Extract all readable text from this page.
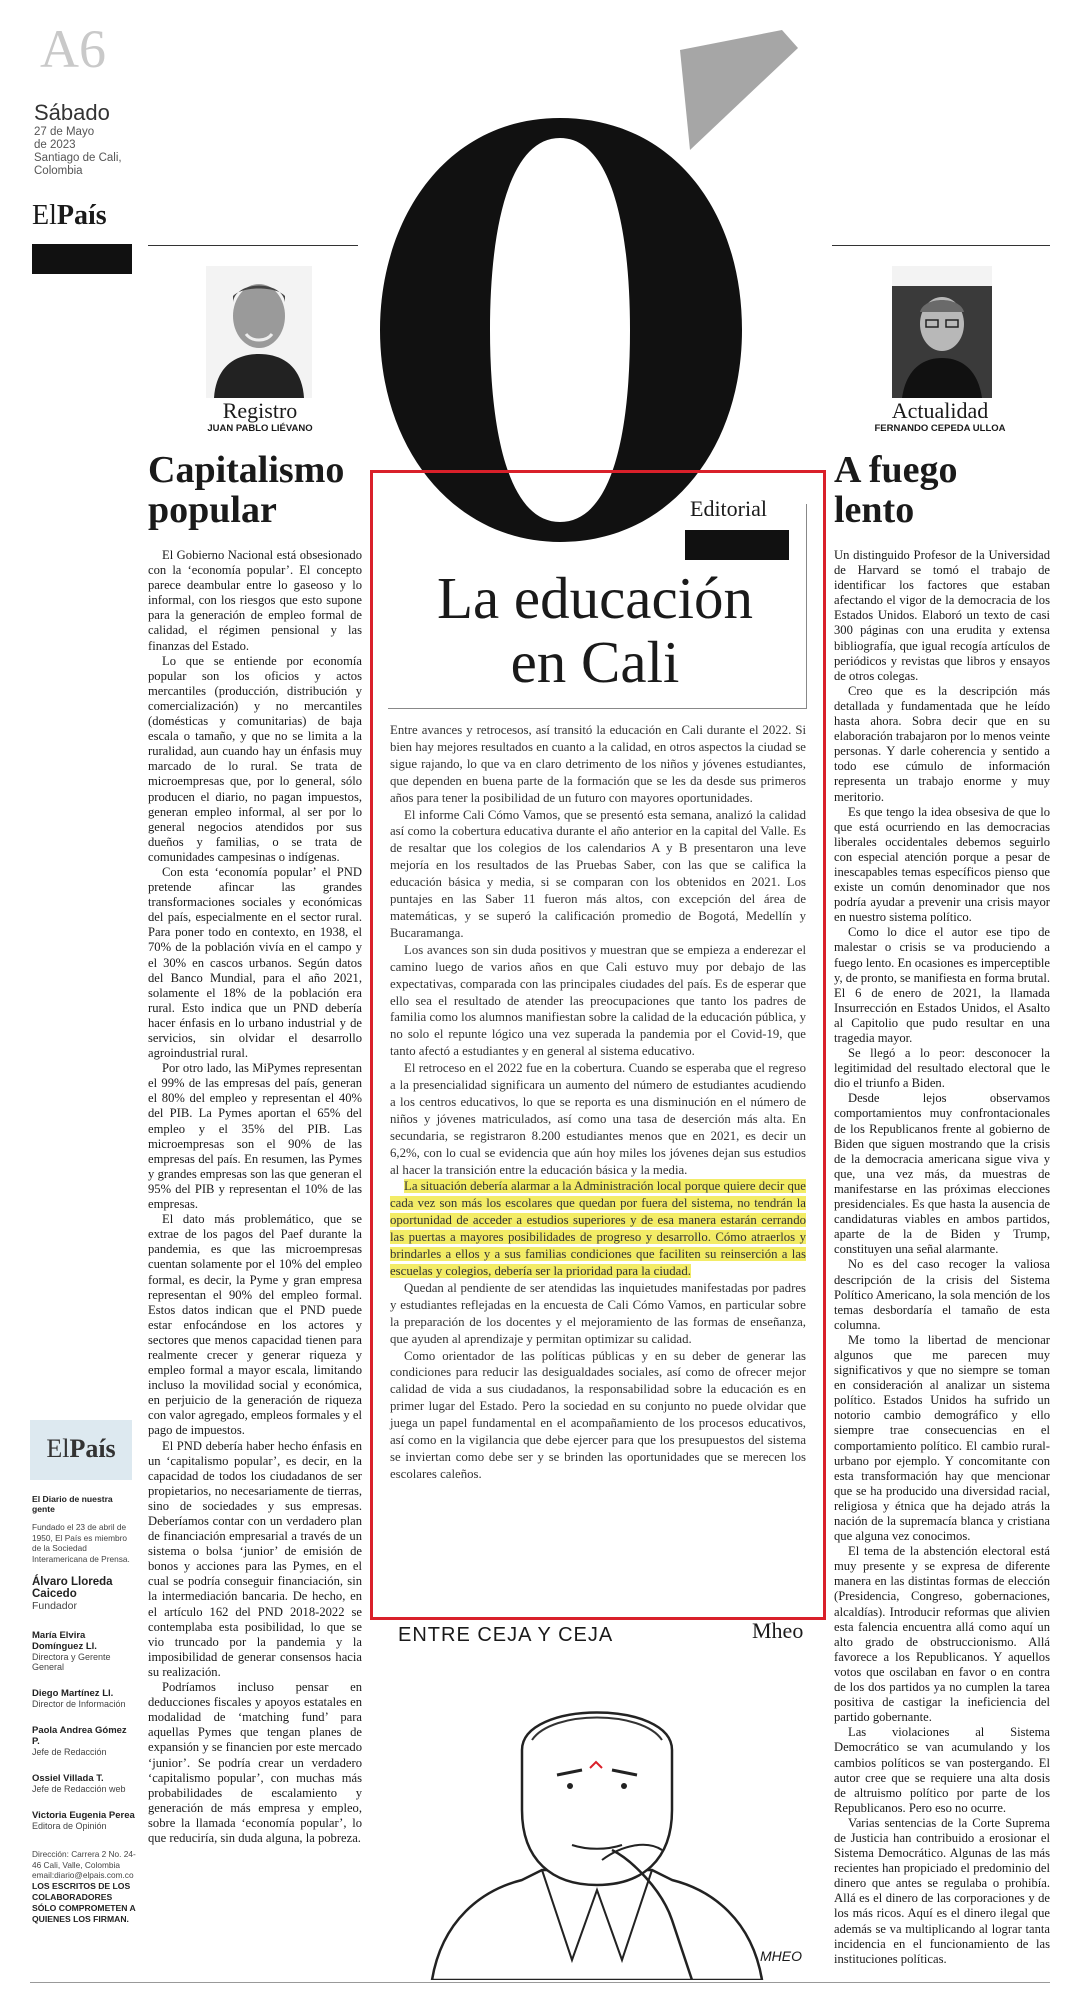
A6
Sábado
27 de Mayo
de 2023
Santiago de Cali,
Colombia
ElPaís
Registro
JUAN PABLO LIÉVANO
Capitalismo
popular

El Gobierno Nacional está obsesionado con la ‘economía popular’. El concepto parece deambular entre lo gaseoso y lo informal, con los riesgos que esto supone para la generación de empleo formal de calidad, el régimen pensional y las finanzas del Estado.

Lo que se entiende por economía popular son los oficios y actos mercantiles (producción, distribución y comercialización) y no mercantiles (domésticas y comunitarias) de baja escala o tamaño, y que no se limita a la ruralidad, aun cuando hay un énfasis muy marcado de lo rural. Se trata de microempresas que, por lo general, sólo producen el diario, no pagan impuestos, generan empleo informal, al ser por lo general negocios atendidos por sus dueños y familias, o se trata de comunidades campesinas o indígenas.

Con esta ‘economía popular’ el PND pretende afincar las grandes transformaciones sociales y económicas del país, especialmente en el sector rural. Para poner todo en contexto, en 1938, el 70% de la población vivía en el campo y el 30% en cascos urbanos. Según datos del Banco Mundial, para el año 2021, solamente el 18% de la población era rural. Esto indica que un PND debería hacer énfasis en lo urbano industrial y de servicios, sin olvidar el desarrollo agroindustrial rural.

Por otro lado, las MiPymes representan el 99% de las empresas del país, generan el 80% del empleo y representan el 40% del PIB. La Pymes aportan el 65% del empleo y el 35% del PIB. Las microempresas son el 90% de las empresas del país. En resumen, las Pymes y grandes empresas son las que generan el 95% del PIB y representan el 10% de las empresas.

El dato más problemático, que se extrae de los pagos del Paef durante la pandemia, es que las microempresas cuentan solamente por el 10% del empleo formal, es decir, la Pyme y gran empresa representan el 90% del empleo formal. Estos datos indican que el PND puede estar enfocándose en los actores y sectores que menos capacidad tienen para realmente crecer y generar riqueza y empleo formal a mayor escala, limitando incluso la movilidad social y económica, en perjuicio de la generación de riqueza con valor agregado, empleos formales y el pago de impuestos.

El PND debería haber hecho énfasis en un ‘capitalismo popular’, es decir, en la capacidad de todos los ciudadanos de ser propietarios, no necesariamente de tierras, sino de sociedades y sus empresas. Deberíamos contar con un verdadero plan de financiación empresarial a través de un sistema o bolsa ‘junior’ de emisión de bonos y acciones para las Pymes, en el cual se podría conseguir financiación, sin la intermediación bancaria. De hecho, en el artículo 162 del PND 2018-2022 se contemplaba esta posibilidad, lo que se vio truncado por la pandemia y la imposibilidad de generar consensos hacia su realización.

Podríamos incluso pensar en deducciones fiscales y apoyos estatales en modalidad de ‘matching fund’ para aquellas Pymes que tengan planes de expansión y se financien por este mercado ‘junior’. Se podría crear un verdadero ‘capitalismo popular’, con muchas más probabilidades de escalamiento y generación de más empresa y empleo, sobre la llamada ‘economía popular’, lo que reduciría, sin duda alguna, la pobreza.

ElPaís
El Diario de nuestra gente
Fundado el 23 de abril de 1950, El País es miembro de la Sociedad Interamericana de Prensa.
Álvaro Lloreda Caicedo
Fundador
María Elvira Domínguez Ll.
Directora y Gerente General
Diego Martínez Ll.
Director de Información
Paola Andrea Gómez P.
Jefe de Redacción
Ossiel Villada T.
Jefe de Redacción web
Victoria Eugenia Perea
Editora de Opinión
Dirección: Carrera 2 No. 24-46 Cali, Valle, Colombia
email:diario@elpais.com.co
LOS ESCRITOS DE LOS COLABORADORES SÓLO COMPROMETEN A QUIENES LOS FIRMAN.
Editorial
La educación
en Cali

Entre avances y retrocesos, así transitó la educación en Cali durante el 2022. Si bien hay mejores resultados en cuanto a la calidad, en otros aspectos la ciudad se sigue rajando, lo que va en claro detrimento de los niños y jóvenes estudiantes, que dependen en buena parte de la formación que se les da desde sus primeros años para tener la posibilidad de un futuro con mayores oportunidades.

El informe Cali Cómo Vamos, que se presentó esta semana, analizó la calidad así como la cobertura educativa durante el año anterior en la capital del Valle. Es de resaltar que los colegios de los calendarios A y B presentaron una leve mejoría en los resultados de las Pruebas Saber, con las que se califica la educación básica y media, si se comparan con los obtenidos en 2021. Los puntajes en las Saber 11 fueron más altos, con excepción del área de matemáticas, y se superó la calificación promedio de Bogotá, Medellín y Bucaramanga.

Los avances son sin duda positivos y muestran que se empieza a enderezar el camino luego de varios años en que Cali estuvo muy por debajo de las expectativas, comparada con las principales ciudades del país. Es de esperar que ello sea el resultado de atender las preocupaciones que tanto los padres de familia como los alumnos manifiestan sobre la calidad de la educación pública, y no solo el repunte lógico una vez superada la pandemia por el Covid-19, que tanto afectó a estudiantes y en general al sistema educativo.

El retroceso en el 2022 fue en la cobertura. Cuando se esperaba que el regreso a la presencialidad significara un aumento del número de estudiantes acudiendo a los centros educativos, lo que se reporta es una disminución en el número de niños y jóvenes matriculados, así como una tasa de deserción más alta. En secundaria, se registraron 8.200 estudiantes menos que en 2021, es decir un 6,2%, con lo cual se evidencia que aún hoy miles los jóvenes dejan sus estudios al hacer la transición entre la educación básica y la media.

La situación debería alarmar a la Administración local porque quiere decir que cada vez son más los escolares que quedan por fuera del sistema, no tendrán la oportunidad de acceder a estudios superiores y de esa manera estarán cerrando las puertas a mayores posibilidades de progreso y desarrollo. Cómo atraerlos y brindarles a ellos y a sus familias condiciones que faciliten su reinserción a las escuelas y colegios, debería ser la prioridad para la ciudad.

Quedan al pendiente de ser atendidas las inquietudes manifestadas por padres y estudiantes reflejadas en la encuesta de Cali Cómo Vamos, en particular sobre la preparación de los docentes y el mejoramiento de las formas de enseñanza, que ayuden al aprendizaje y permitan optimizar su calidad.

Como orientador de las políticas públicas y en su deber de generar las condiciones para reducir las desigualdades sociales, así como de ofrecer mejor calidad de vida a sus ciudadanos, la responsabilidad sobre la educación es en primer lugar del Estado. Pero la sociedad en su conjunto no puede olvidar que juega un papel fundamental en el acompañamiento de los procesos educativos, así como en la vigilancia que debe ejercer para que los presupuestos del sistema se inviertan como debe ser y se brinden las oportunidades que se merecen los escolares caleños.

ENTRE CEJA Y CEJA	Mheo
MHEO
Actualidad
FERNANDO CEPEDA ULLOA
A fuego
lento

Un distinguido Profesor de la Universidad de Harvard se tomó el trabajo de identificar los factores que estaban afectando el vigor de la democracia de los Estados Unidos. Elaboró un texto de casi 300 páginas con una erudita y extensa bibliografía, que igual recogía artículos de periódicos y revistas que libros y ensayos de otros colegas.

Creo que es la descripción más detallada y fundamentada que he leído hasta ahora. Sobra decir que en su elaboración trabajaron por lo menos veinte personas. Y darle coherencia y sentido a todo ese cúmulo de información representa un trabajo enorme y muy meritorio.

Es que tengo la idea obsesiva de que lo que está ocurriendo en las democracias liberales occidentales debemos seguirlo con especial atención porque a pesar de inescapables temas específicos pienso que existe un común denominador que nos podría ayudar a prevenir una crisis mayor en nuestro sistema político.

Como lo dice el autor ese tipo de malestar o crisis se va produciendo a fuego lento. En ocasiones es imperceptible y, de pronto, se manifiesta en forma brutal. El 6 de enero de 2021, la llamada Insurrección en Estados Unidos, el Asalto al Capitolio que pudo resultar en una tragedia mayor.

Se llegó a lo peor: desconocer la legitimidad del resultado electoral que le dio el triunfo a Biden.

Desde lejos observamos comportamientos muy confrontacionales de los Republicanos frente al gobierno de Biden que siguen mostrando que la crisis de la democracia americana sigue viva y que, una vez más, da muestras de manifestarse en las próximas elecciones presidenciales. Es que hasta la ausencia de candidaturas viables en ambos partidos, aparte de la de Biden y Trump, constituyen una señal alarmante.

No es del caso recoger la valiosa descripción de la crisis del Sistema Político Americano, la sola mención de los temas desbordaría el tamaño de esta columna.

Me tomo la libertad de mencionar algunos que me parecen muy significativos y que no siempre se toman en consideración al analizar un sistema político. Estados Unidos ha sufrido un notorio cambio demográfico y ello siempre trae consecuencias en el comportamiento político. El cambio rural-urbano por ejemplo. Y concomitante con esta transformación hay que mencionar que se ha producido una diversidad racial, religiosa y étnica que ha dejado atrás la nación de la supremacía blanca y cristiana que alguna vez conocimos.

El tema de la abstención electoral está muy presente y se expresa de diferente manera en las distintas formas de elección (Presidencia, Congreso, gobernaciones, alcaldías). Introducir reformas que alivien esta falencia encuentra allá como aquí un alto grado de obstruccionismo. Allá favorece a los Republicanos. Y aquellos votos que oscilaban en favor o en contra de los dos partidos ya no cumplen la tarea positiva de castigar la ineficiencia del partido gobernante.

Las violaciones al Sistema Democrático se van acumulando y los cambios políticos se van postergando. El autor cree que se requiere una alta dosis de altruismo político por parte de los Republicanos. Pero eso no ocurre.

Varias sentencias de la Corte Suprema de Justicia han contribuido a erosionar el Sistema Democrático. Algunas de las más recientes han propiciado el predominio del dinero que antes se regulaba o prohibía. Allá es el dinero de las corporaciones y de los más ricos. Aquí es el dinero ilegal que además se va multiplicando al lograr tanta incidencia en el funcionamiento de las instituciones políticas.
